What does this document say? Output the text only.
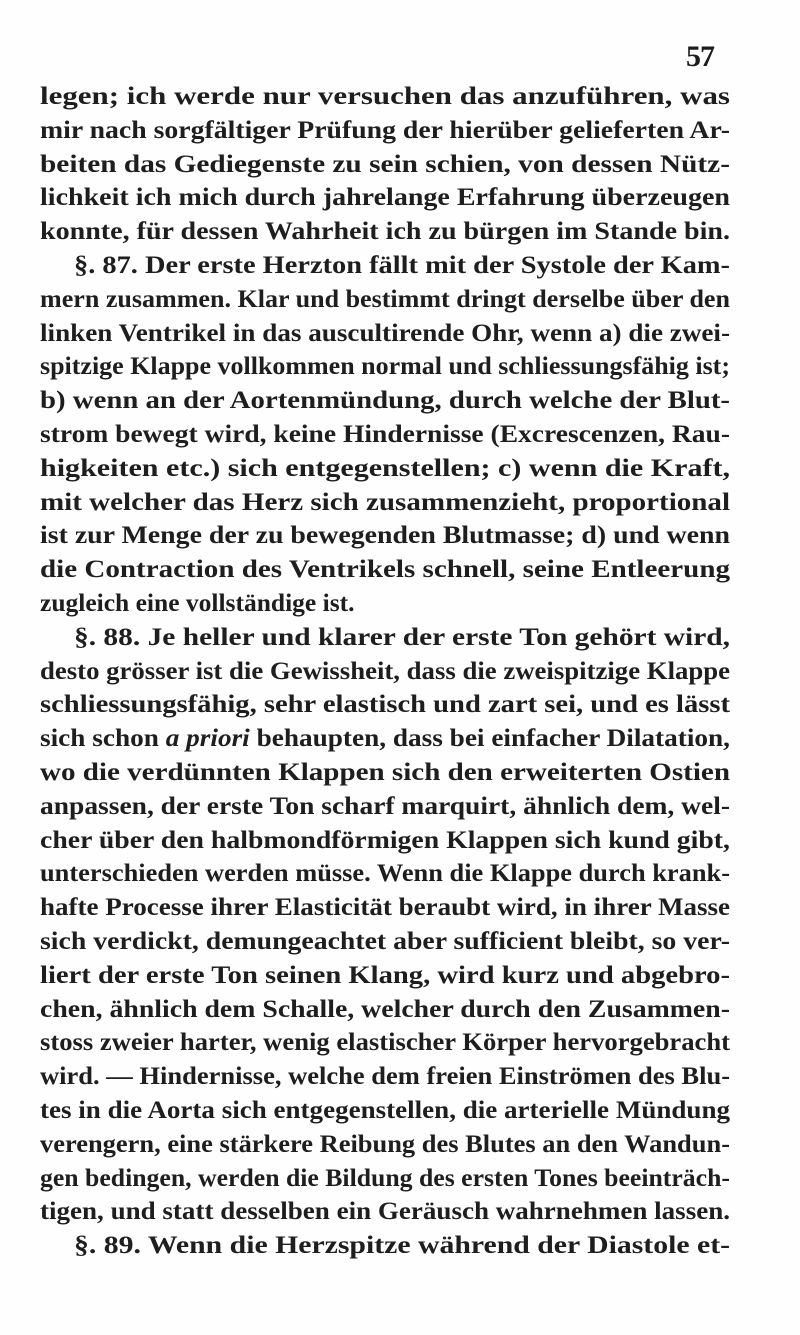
57
legen; ich werde nur versuchen das anzuführen, was
mir nach sorgfältiger Prüfung der hierüber gelieferten Ar-
beiten das Gediegenste zu sein schien, von dessen Nütz-
lichkeit ich mich durch jahrelange Erfahrung überzeugen
konnte, für dessen Wahrheit ich zu bürgen im Stande bin.
§. 87. Der erste Herzton fällt mit der Systole der Kam-
mern zusammen. Klar und bestimmt dringt derselbe über den
linken Ventrikel in das auscultirende Ohr, wenn a) die zwei-
spitzige Klappe vollkommen normal und schliessungsfähig ist;
b) wenn an der Aortenmündung, durch welche der Blut-
strom bewegt wird, keine Hindernisse (Excrescenzen, Rau-
higkeiten etc.) sich entgegenstellen; c) wenn die Kraft,
mit welcher das Herz sich zusammenzieht, proportional
ist zur Menge der zu bewegenden Blutmasse; d) und wenn
die Contraction des Ventrikels schnell, seine Entleerung
zugleich eine vollständige ist.
§. 88. Je heller und klarer der erste Ton gehört wird,
desto grösser ist die Gewissheit, dass die zweispitzige Klappe
schliessungsfähig, sehr elastisch und zart sei, und es lässt
sich schon a priori behaupten, dass bei einfacher Dilatation,
wo die verdünnten Klappen sich den erweiterten Ostien
anpassen, der erste Ton scharf marquirt, ähnlich dem, wel-
cher über den halbmondförmigen Klappen sich kund gibt,
unterschieden werden müsse. Wenn die Klappe durch krank-
hafte Processe ihrer Elasticität beraubt wird, in ihrer Masse
sich verdickt, demungeachtet aber sufficient bleibt, so ver-
liert der erste Ton seinen Klang, wird kurz und abgebro-
chen, ähnlich dem Schalle, welcher durch den Zusammen-
stoss zweier harter, wenig elastischer Körper hervorgebracht
wird. — Hindernisse, welche dem freien Einströmen des Blu-
tes in die Aorta sich entgegenstellen, die arterielle Mündung
verengern, eine stärkere Reibung des Blutes an den Wandun-
gen bedingen, werden die Bildung des ersten Tones beeinträch-
tigen, und statt desselben ein Geräusch wahrnehmen lassen.
§. 89. Wenn die Herzspitze während der Diastole et-
